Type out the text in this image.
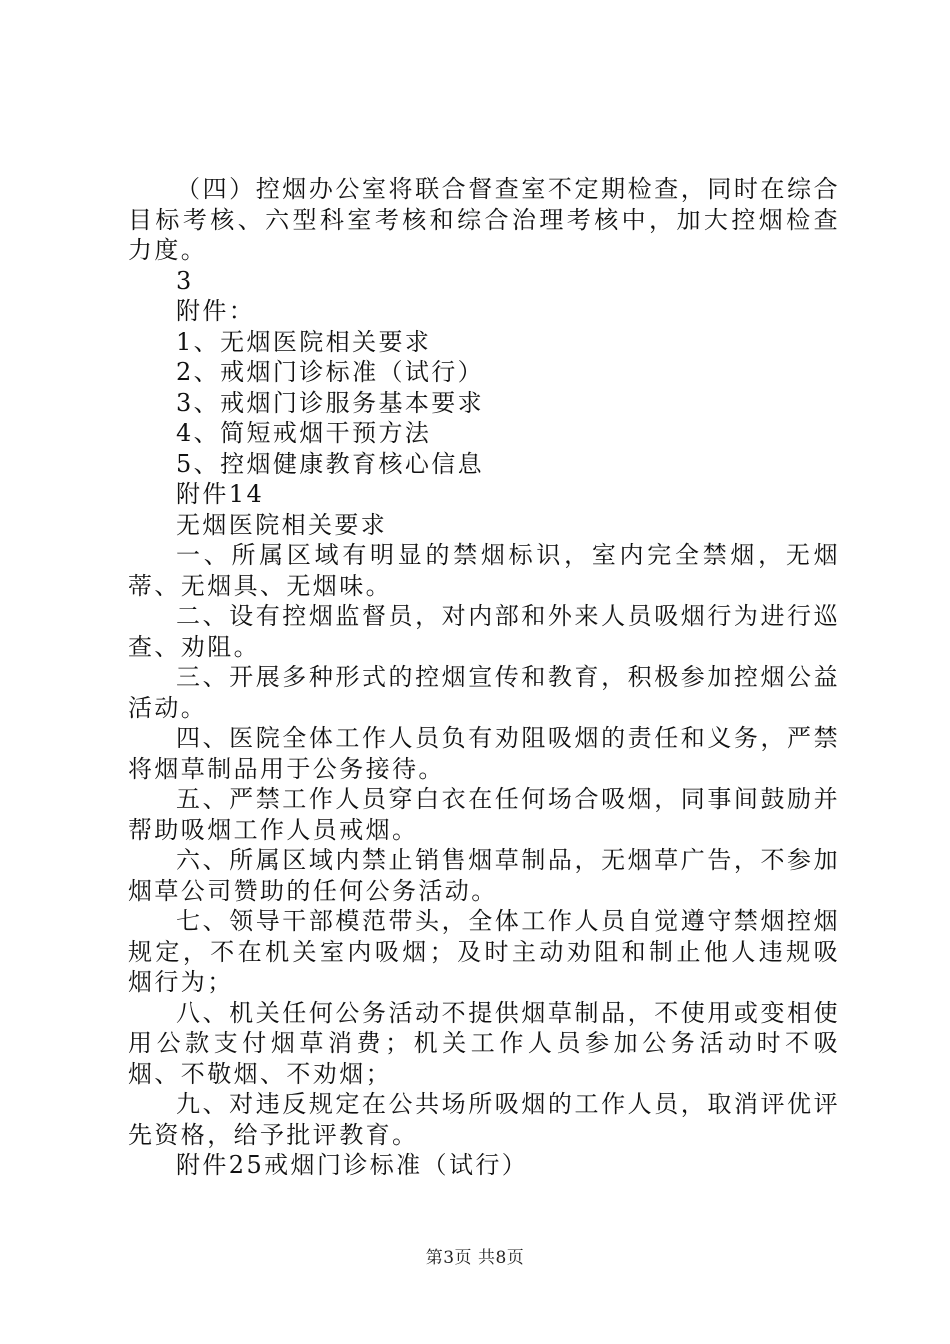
（四）控烟办公室将联合督查室不定期检查，同时在综合目标考核、六型科室考核和综合治理考核中，加大控烟检查力度。

3
附件：
1、无烟医院相关要求
2、戒烟门诊标准（试行）
3、戒烟门诊服务基本要求
4、简短戒烟干预方法
5、控烟健康教育核心信息
附件14
无烟医院相关要求

一、所属区域有明显的禁烟标识，室内完全禁烟，无烟蒂、无烟具、无烟味。

二、设有控烟监督员，对内部和外来人员吸烟行为进行巡查、劝阻。

三、开展多种形式的控烟宣传和教育，积极参加控烟公益活动。

四、医院全体工作人员负有劝阻吸烟的责任和义务，严禁将烟草制品用于公务接待。

五、严禁工作人员穿白衣在任何场合吸烟，同事间鼓励并帮助吸烟工作人员戒烟。

六、所属区域内禁止销售烟草制品，无烟草广告，不参加烟草公司赞助的任何公务活动。

七、领导干部模范带头，全体工作人员自觉遵守禁烟控烟规定，不在机关室内吸烟；及时主动劝阻和制止他人违规吸烟行为；

八、机关任何公务活动不提供烟草制品，不使用或变相使用公款支付烟草消费；机关工作人员参加公务活动时不吸烟、不敬烟、不劝烟；

九、对违反规定在公共场所吸烟的工作人员，取消评优评先资格，给予批评教育。

附件25戒烟门诊标准（试行）
第3页 共8页
